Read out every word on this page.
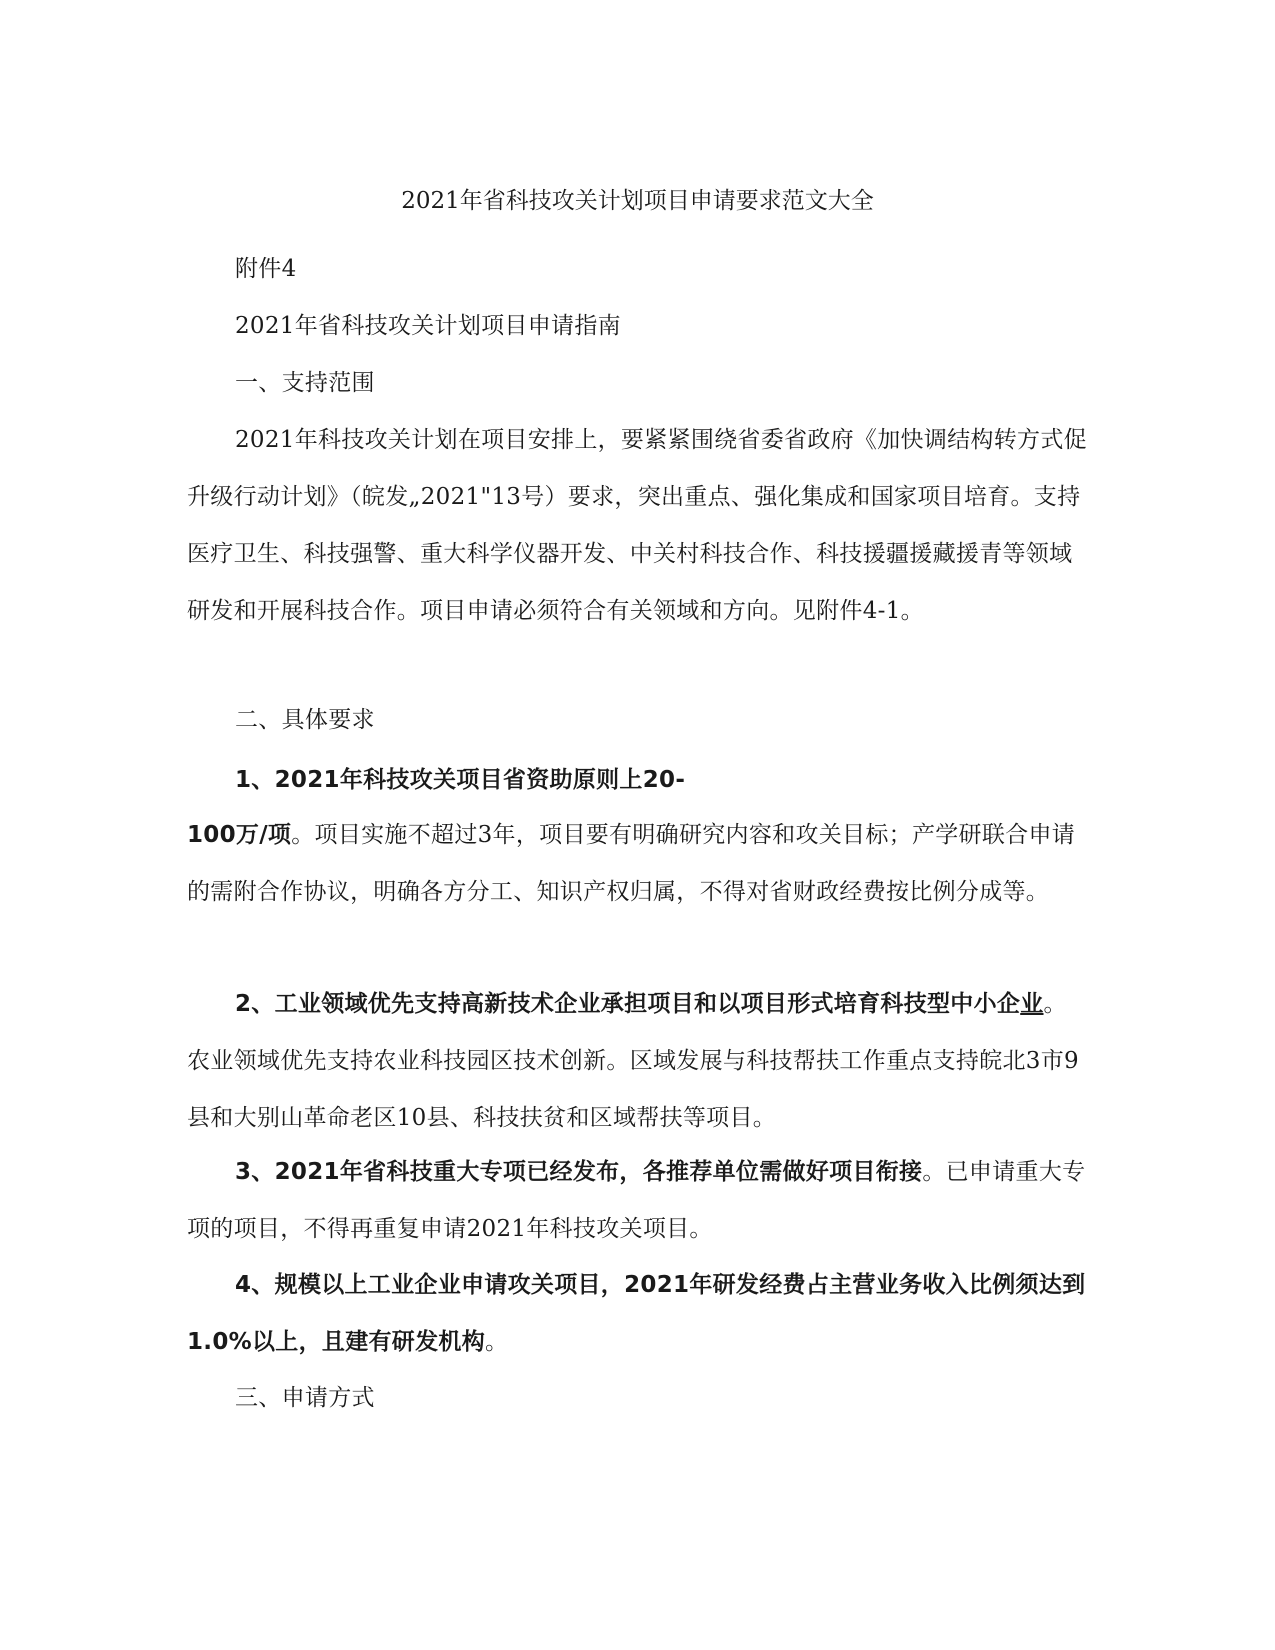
2021年省科技攻关计划项目申请要求范文大全

附件4

2021年省科技攻关计划项目申请指南

一、支持范围

2021年科技攻关计划在项目安排上，要紧紧围绕省委省政府《加快调结构转方式促升级行动计划》（皖发„2021"13号）要求，突出重点、强化集成和国家项目培育。支持医疗卫生、科技强警、重大科学仪器开发、中关村科技合作、科技援疆援藏援青等领域研发和开展科技合作。项目申请必须符合有关领域和方向。见附件4-1。

二、具体要求

1、2021年科技攻关项目省资助原则上20-

100万/项。项目实施不超过3年，项目要有明确研究内容和攻关目标；产学研联合申请的需附合作协议，明确各方分工、知识产权归属，不得对省财政经费按比例分成等。

2、工业领域优先支持高新技术企业承担项目和以项目形式培育科技型中小企业。农业领域优先支持农业科技园区技术创新。区域发展与科技帮扶工作重点支持皖北3市9县和大别山革命老区10县、科技扶贫和区域帮扶等项目。

3、2021年省科技重大专项已经发布，各推荐单位需做好项目衔接。已申请重大专项的项目，不得再重复申请2021年科技攻关项目。

4、规模以上工业企业申请攻关项目，2021年研发经费占主营业务收入比例须达到1.0%以上，且建有研发机构。

三、申请方式
